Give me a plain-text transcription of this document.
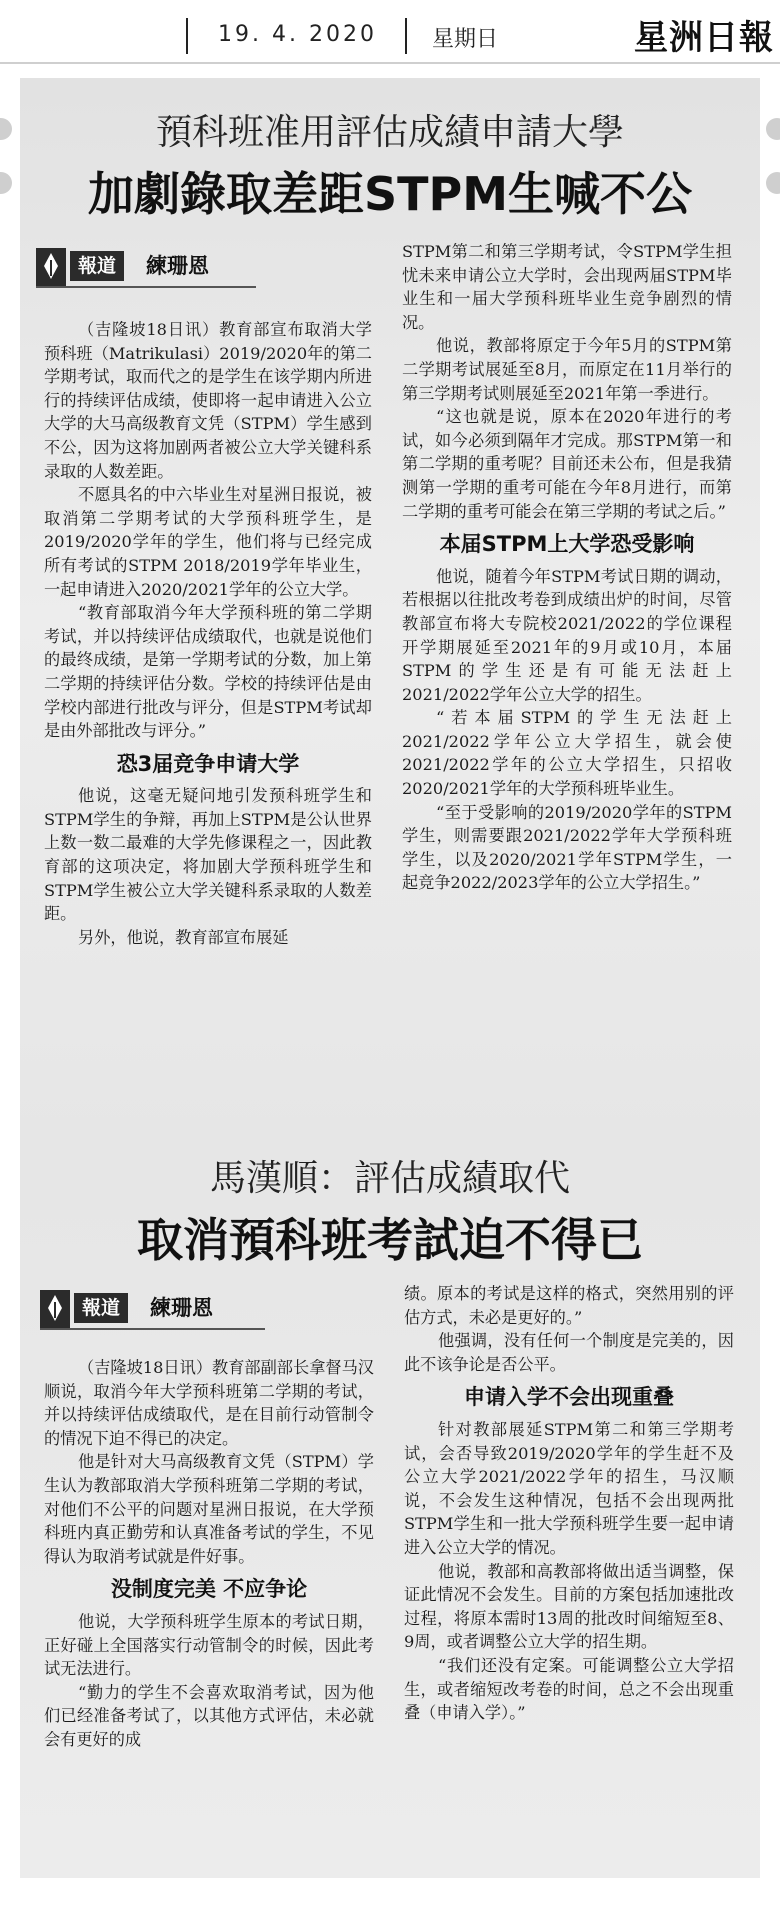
19. 4. 2020	星期日	星洲日報
預科班准用評估成績申請大學
加劇錄取差距STPM生喊不公
報道	練珊恩

（吉隆坡18日讯）教育部宣布取消大学预科班（Matrikulasi）2019/2020年的第二学期考试，取而代之的是学生在该学期内所进行的持续评估成绩，使即将一起申请进入公立大学的大马高级教育文凭（STPM）学生感到不公，因为这将加剧两者被公立大学关键科系录取的人数差距。

不愿具名的中六毕业生对星洲日报说，被取消第二学期考试的大学预科班学生，是2019/2020学年的学生，他们将与已经完成所有考试的STPM 2018/2019学年毕业生，一起申请进入2020/2021学年的公立大学。

“教育部取消今年大学预科班的第二学期考试，并以持续评估成绩取代，也就是说他们的最终成绩，是第一学期考试的分数，加上第二学期的持续评估分数。学校的持续评估是由学校内部进行批改与评分，但是STPM考试却是由外部批改与评分。”

恐3届竞争申请大学

他说，这毫无疑问地引发预科班学生和STPM学生的争辩，再加上STPM是公认世界上数一数二最难的大学先修课程之一，因此教育部的这项决定，将加剧大学预科班学生和STPM学生被公立大学关键科系录取的人数差距。

另外，他说，教育部宣布展延

STPM第二和第三学期考试，令STPM学生担忧未来申请公立大学时，会出现两届STPM毕业生和一届大学预科班毕业生竞争剧烈的情况。

他说，教部将原定于今年5月的STPM第二学期考试展延至8月，而原定在11月举行的第三学期考试则展延至2021年第一季进行。

“这也就是说，原本在2020年进行的考试，如今必须到隔年才完成。那STPM第一和第二学期的重考呢？目前还未公布，但是我猜测第一学期的重考可能在今年8月进行，而第二学期的重考可能会在第三学期的考试之后。”

本届STPM上大学恐受影响

他说，随着今年STPM考试日期的调动，若根据以往批改考卷到成绩出炉的时间，尽管教部宣布将大专院校2021/2022的学位课程开学期展延至2021年的9月或10月，本届STPM的学生还是有可能无法赶上2021/2022学年公立大学的招生。

“若本届STPM的学生无法赶上2021/2022学年公立大学招生，就会使2021/2022学年的公立大学招生，只招收2020/2021学年的大学预科班毕业生。

“至于受影响的2019/2020学年的STPM学生，则需要跟2021/2022学年大学预科班学生，以及2020/2021学年STPM学生，一起竞争2022/2023学年的公立大学招生。”

馬漢順：評估成績取代
取消預科班考試迫不得已
報道	練珊恩

（吉隆坡18日讯）教育部副部长拿督马汉顺说，取消今年大学预科班第二学期的考试，并以持续评估成绩取代，是在目前行动管制令的情况下迫不得已的决定。

他是针对大马高级教育文凭（STPM）学生认为教部取消大学预科班第二学期的考试，对他们不公平的问题对星洲日报说，在大学预科班内真正勤劳和认真准备考试的学生，不见得认为取消考试就是件好事。

没制度完美 不应争论

他说，大学预科班学生原本的考试日期，正好碰上全国落实行动管制令的时候，因此考试无法进行。

“勤力的学生不会喜欢取消考试，因为他们已经准备考试了，以其他方式评估，未必就会有更好的成

绩。原本的考试是这样的格式，突然用别的评估方式，未必是更好的。”

他强调，没有任何一个制度是完美的，因此不该争论是否公平。

申请入学不会出现重叠

针对教部展延STPM第二和第三学期考试，会否导致2019/2020学年的学生赶不及公立大学2021/2022学年的招生，马汉顺说，不会发生这种情况，包括不会出现两批STPM学生和一批大学预科班学生要一起申请进入公立大学的情况。

他说，教部和高教部将做出适当调整，保证此情况不会发生。目前的方案包括加速批改过程，将原本需时13周的批改时间缩短至8、9周，或者调整公立大学的招生期。

“我们还没有定案。可能调整公立大学招生，或者缩短改考卷的时间，总之不会出现重叠（申请入学）。”
